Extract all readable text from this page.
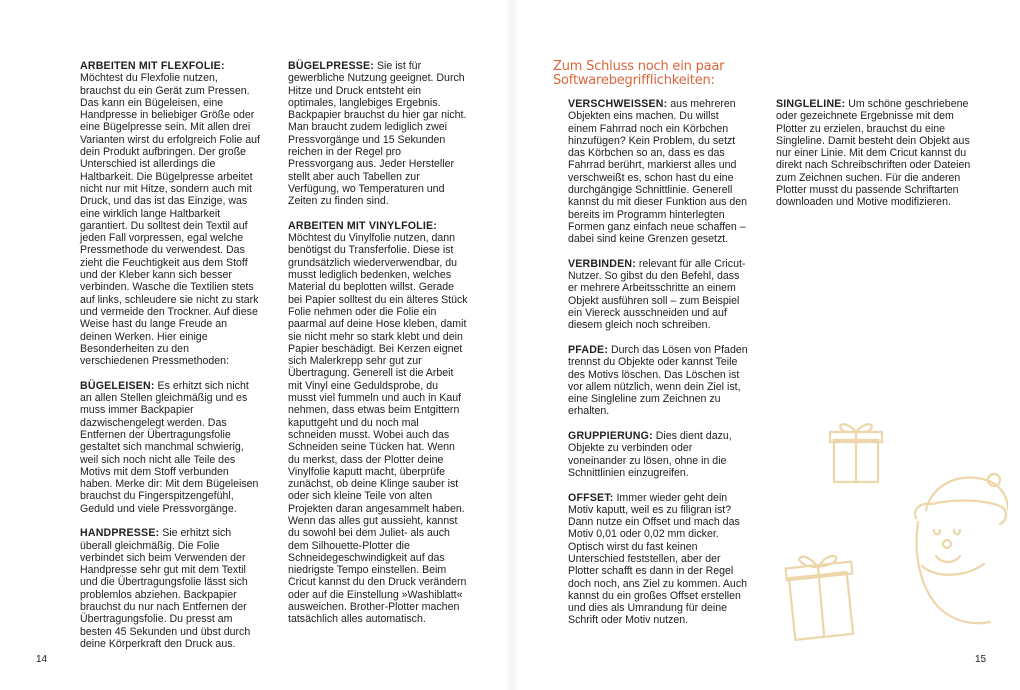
ARBEITEN MIT FLEXFOLIE: Möchtest du Flexfolie nutzen, brauchst du ein Gerät zum Pressen. Das kann ein Bügeleisen, eine Handpresse in beliebiger Größe oder eine Bügelpresse sein. Mit allen drei Varianten wirst du erfolgreich Folie auf dein Produkt aufbringen. Der große Unterschied ist allerdings die Haltbarkeit. Die Bügelpresse arbeitet nicht nur mit Hitze, sondern auch mit Druck, und das ist das Einzige, was eine wirklich lange Haltbarkeit garantiert. Du solltest dein Textil auf jeden Fall vorpressen, egal welche Pressmethode du verwendest. Das zieht die Feuchtigkeit aus dem Stoff und der Kleber kann sich besser verbinden. Wasche die Textilien stets auf links, schleudere sie nicht zu stark und vermeide den Trockner. Auf diese Weise hast du lange Freude an deinen Werken. Hier einige Besonderheiten zu den verschiedenen Pressmethoden:

BÜGELEISEN: Es erhitzt sich nicht an allen Stellen gleichmäßig und es muss immer Backpapier dazwischengelegt werden. Das Entfernen der Übertragungsfolie gestaltet sich manchmal schwierig, weil sich noch nicht alle Teile des Motivs mit dem Stoff verbunden haben. Merke dir: Mit dem Bügeleisen brauchst du Fingerspitzengefühl, Geduld und viele Pressvorgänge.

HANDPRESSE: Sie erhitzt sich überall gleichmäßig. Die Folie verbindet sich beim Verwenden der Handpresse sehr gut mit dem Textil und die Übertragungsfolie lässt sich problemlos abziehen. Backpapier brauchst du nur nach Entfernen der Übertragungsfolie. Du presst am besten 45 Sekunden und übst durch deine Körperkraft den Druck aus.

BÜGELPRESSE: Sie ist für gewerbliche Nutzung geeignet. Durch Hitze und Druck entsteht ein optimales, langlebiges Ergebnis. Backpapier brauchst du hier gar nicht. Man braucht zudem lediglich zwei Pressvorgänge und 15 Sekunden reichen in der Regel pro Pressvorgang aus. Jeder Hersteller stellt aber auch Tabellen zur Verfügung, wo Temperaturen und Zeiten zu finden sind.

ARBEITEN MIT VINYLFOLIE: Möchtest du Vinylfolie nutzen, dann benötigst du Transferfolie. Diese ist grundsätzlich wiederverwendbar, du musst lediglich bedenken, welches Material du beplotten willst. Gerade bei Papier solltest du ein älteres Stück Folie nehmen oder die Folie ein paarmal auf deine Hose kleben, damit sie nicht mehr so stark klebt und dein Papier beschädigt. Bei Kerzen eignet sich Malerkrepp sehr gut zur Übertragung. Generell ist die Arbeit mit Vinyl eine Geduldsprobe, du musst viel fummeln und auch in Kauf nehmen, dass etwas beim Entgittern kaputtgeht und du noch mal schneiden musst. Wobei auch das Schneiden seine Tücken hat. Wenn du merkst, dass der Plotter deine Vinylfolie kaputt macht, überprüfe zunächst, ob deine Klinge sauber ist oder sich kleine Teile von alten Projekten daran angesammelt haben. Wenn das alles gut aussieht, kannst du sowohl bei dem Juliet- als auch dem Silhouette-Plotter die Schneidegeschwindigkeit auf das niedrigste Tempo einstellen. Beim Cricut kannst du den Druck verändern oder auf die Einstellung »Washiblatt« ausweichen. Brother-Plotter machen tatsächlich alles automatisch.

Zum Schluss noch ein paar Softwarebegrifflichkeiten:

VERSCHWEISSEN: aus mehreren Objekten eins machen. Du willst einem Fahrrad noch ein Körbchen hinzufügen? Kein Problem, du setzt das Körbchen so an, dass es das Fahrrad berührt, markierst alles und verschweißt es, schon hast du eine durchgängige Schnittlinie. Generell kannst du mit dieser Funktion aus den bereits im Programm hinterlegten Formen ganz einfach neue schaffen – dabei sind keine Grenzen gesetzt.

VERBINDEN: relevant für alle Cricut-Nutzer. So gibst du den Befehl, dass er mehrere Arbeitsschritte an einem Objekt ausführen soll – zum Beispiel ein Viereck ausschneiden und auf diesem gleich noch schreiben.

PFADE: Durch das Lösen von Pfaden trennst du Objekte oder kannst Teile des Motivs löschen. Das Löschen ist vor allem nützlich, wenn dein Ziel ist, eine Singleline zum Zeichnen zu erhalten.

GRUPPIERUNG: Dies dient dazu, Objekte zu verbinden oder voneinander zu lösen, ohne in die Schnittlinien einzugreifen.

OFFSET: Immer wieder geht dein Motiv kaputt, weil es zu filigran ist? Dann nutze ein Offset und mach das Motiv 0,01 oder 0,02 mm dicker. Optisch wirst du fast keinen Unterschied feststellen, aber der Plotter schafft es dann in der Regel doch noch, ans Ziel zu kommen. Auch kannst du ein großes Offset erstellen und dies als Umrandung für deine Schrift oder Motiv nutzen.

SINGLELINE: Um schöne geschriebene oder gezeichnete Ergebnisse mit dem Plotter zu erzielen, brauchst du eine Singleline. Damit besteht dein Objekt aus nur einer Linie. Mit dem Cricut kannst du direkt nach Schreibschriften oder Dateien zum Zeichnen suchen. Für die anderen Plotter musst du passende Schriftarten downloaden und Motive modifizieren.

14	15
